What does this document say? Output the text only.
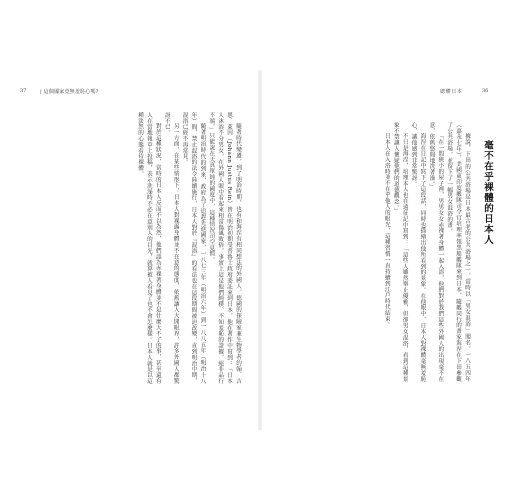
37	| 這個國家竟無羞恥心嗎?

隨著時代變遷，到了明治時期，也有和海涅有相同想法的外國人。德國的探險家兼生物學者約翰．吉恩．萊因（Johann Justus Rein）曾在明治初期受普魯士政府委託來到日本，他在著作中寫到：「日本人沐浴不分男女，在外國人眼中看起來相當傷風敗俗，事實上這是他們純樸、不知羞恥的證據，絕非品行不端。」只能說在天真單純的國度中，這種情況司空見慣。

隨著明治時代的到來，政府為了追趕先進國家，一八七三年（明治六年）到一八八五年（明治十八年）間，禁止混浴的法令陸續施行，日本人對於『混浴』的看法也在這段期間被迫改變，直到明治中期，混浴已經不再常見。

另一方面，在某些情形下，日本人對裸露身體並不在意的態度，依舊讓人大開眼界，許多外國人都驚訝不已。

對於這種狀況，當時的日本人反而不以為然，他們認為赤裸著身體並不是什麼大不了的事，甚至還有人在當地報章上投稿，表示洗澡時不必在意別人的目光，就算被人看見了也不會怎麼樣。日本人就是以這種淡然的心態看待裸體。

總體日本	36
毫不在乎裸體的日本人

據說，下田的公共浴場是日本最古老的公共浴場之一，當時以「男女混浴」聞名。一八五四年（嘉永七年），美國東印度艦隊司令官培理率領黑船艦隊來到日本，隨艦同行的畫家海涅在下田參觀了公共浴場，並留下了一幅男女混浴的畫。

「在一間狹小的屋子裡，男男女女赤裸著身體一起入浴，他們對於我們這些外國人的出現毫不在意，依舊悠閒地洗著澡。」

海涅在日記中寫下了這段話，同時也描繪出他所看到的景象。在他眼中，日本人對裸體毫無羞恥心，讓他感到非常驚訝。

不只是海涅，培理本人也在遠征記中寫到：「這些人雖然舉止優雅，但卻男女混浴，看到這種景象不禁讓人懷疑他們的道德觀念。」

日本人在入浴時並不在乎他人的眼光，這種習慣一直持續到江戶時代結束。
